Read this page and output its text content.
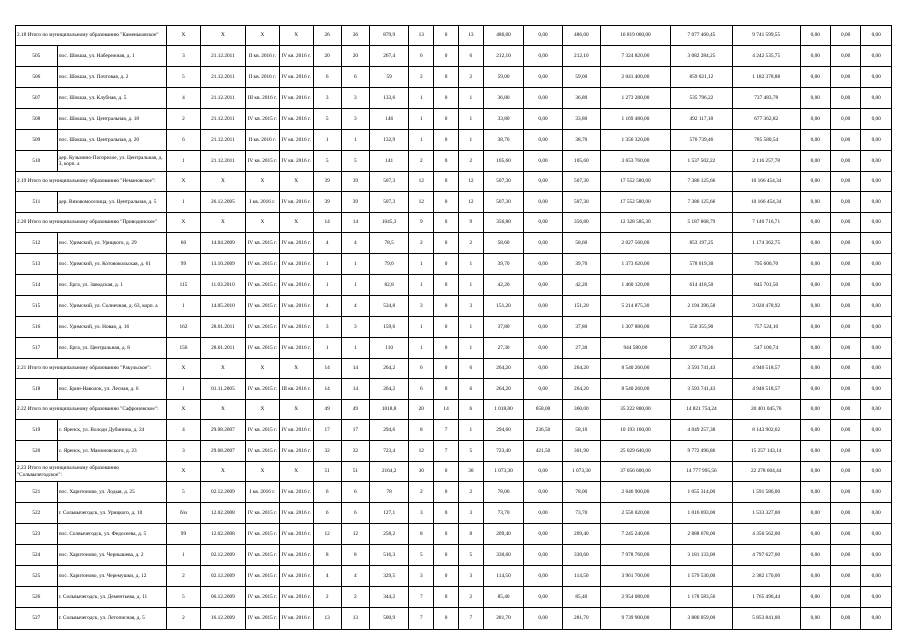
2.18 Итого по муниципальному образованию "Каменьковское"		X	X	X	X	26	36	879,9	13	0	13	486,00	0,00	486,00	16 819 060,00	7 077 460,45	9 741 599,55	0,00	0,00	0,00
505	пос. Шокша, ул. Набережная, д. 1	3	21.12.2011	II кв. 2016 г.	IV кв. 2016 г.	20	20	267,4	6	0	6	212,10	0,00	212,10	7 324 820,00	3 082 284,25	4 242 535,75	0,00	0,00	0,00
506	пос. Шокша, ул. Почтовая, д. 2	5	21.12.2011	II кв. 2016 г.	IV кв. 2016 г.	6	6	59	2	0	2	59,00	0,00	59,00	2 041 400,00	859 021,12	1 182 378,88	0,00	0,00	0,00
507	пос. Шокша, ул. Клубная, д. 5	4	21.12.2011	III кв. 2016 г.	IV кв. 2016 г.	3	3	133,6	1	0	1	36,80	0,00	36,80	1 273 280,00	535 796,22	737 483,78	0,00	0,00	0,00
508	пос. Шокша, ул. Центральная, д. 18	2	21.12.2011	IV кв. 2015 г.	IV кв. 2016 г.	5	3	146	1	0	1	33,80	0,00	33,80	1 169 480,00	492 117,18	677 362,82	0,00	0,00	0,00
509	пос. Шокша, ул. Центральная, д. 20	6	21.12.2011	II кв. 2016 г.	IV кв. 2016 г.	1	1	132,9	1	0	1	38,70	0,00	38,70	1 356 320,00	570 739,46	785 580,54	0,00	0,00	0,00
510	дер. Кузьмино-Погорелое, ул. Центральная, д. 3, корп. а	1	21.12.2011	IV кв. 2015 г.	IV кв. 2016 г.	5	5	141	2	0	2	105,60	0,00	105,60	3 653 760,00	1 537 502,22	2 116 257,78	0,00	0,00	0,00
2.19 Итого по муниципальному образованию "Немановское":		X	X	X	X	39	39	507,3	12	0	12	507,30	0,00	507,30	17 552 580,00	7 386 125,66	10 166 454,34	0,00	0,00	0,00
511	дер. Вязовомоселица, ул. Центральная, д. 5	1	26.12.2005	I кв. 2016 г.	IV кв. 2016 г.	39	39	507,3	12	0	12	507,30	0,00	507,30	17 552 580,00	7 386 125,66	10 166 454,34	0,00	0,00	0,00
2.20 Итого по муниципальному образованию "Приводинское"		X	X	X	X	14	14	1045,3	9	0	9	356,80	0,00	356,80	12 328 585,30	5 187 868,79	7 140 716,71	0,00	0,00	0,00
512	пос. Удимский, ул. Урицкого, д. 29	60	14.04.2009	IV кв. 2015 г.	IV кв. 2016 г.	4	4	78,5	2	0	2	58,60	0,00	58,60	2 027 560,00	853 197,25	1 174 362,75	0,00	0,00	0,00
513	пос. Удимский, ул. Котовокольская, д. 61	99	13.10.2009	IV кв. 2015 г.	IV кв. 2016 г.	1	1	79,6	1	0	1	39,70	0,00	39,70	1 373 620,00	578 019,30	795 600,70	0,00	0,00	0,00
514	пос. Ерга, ул. Заводская, д. 1	115	11.03.2010	IV кв. 2015 г.	IV кв. 2016 г.	1	1	82,8	1	0	1	42,20	0,00	42,20	1 460 120,00	614 418,50	845 701,50	0,00	0,00	0,00
515	пос. Удимский, ул. Солнечная, д. 63, корп. а	1	14.05.2010	IV кв. 2015 г.	IV кв. 2016 г.	4	4	534,8	3	0	3	151,20	0,00	151,20	5 214 875,30	2 194 396,58	3 020 478,92	0,00	0,00	0,00
516	пос. Удимский, ул. Новая, д. 16	162	28.01.2011	IV кв. 2015 г.	IV кв. 2016 г.	3	3	159,6	1	0	1	37,80	0,00	37,80	1 307 880,00	550 355,90	757 524,10	0,00	0,00	0,00
517	пос. Ерга, ул. Центральная, д. 8	156	28.01.2011	IV кв. 2015 г.	IV кв. 2016 г.	1	1	110	1	0	1	27,30	0,00	27,30	944 580,00	397 479,26	547 100,74	0,00	0,00	0,00
2.21 Итого по муниципальному образованию "Ракульское":		X	X	X	X	14	14	264,2	6	0	6	264,20	0,00	264,20	8 540 260,00	3 593 741,43	4 946 518,57	0,00	0,00	0,00
518	пос. Брин-Наволок, ул. Лесная, д. 6	1	01.11.2005	IV кв. 2015 г.	III кв. 2016 г.	14	14	264,2	6	0	6	264,20	0,00	264,20	8 540 260,00	3 593 741,43	4 946 518,57	0,00	0,00	0,00
2.22 Итого по муниципальному образованию "Сафроновское":		X	X	X	X	49	49	1018,8	20	14	6	1 018,00	658,00	360,00	35 222 800,00	14 821 754,24	20 401 045,76	0,00	0,00	0,00
519	с. Яренск, ул. Володи Дубинина, д. 24	4	29.08.2007	IV кв. 2015 г.	IV кв. 2016 г.	17	17	294,6	8	7	1	294,60	236,50	58,10	10 193 160,00	4 049 257,38	8 143 902,62	0,00	0,00	0,00
520	с. Яренск, ул. Мамоновского, д. 23	3	29.08.2007	IV кв. 2015 г.	IV кв. 2016 г.	32	32	723,4	12	7	5	723,40	421,50	301,90	25 029 640,00	9 772 496,86	15 257 143,14	0,00	0,00	0,00
2.23 Итого по муниципальному образованию "Сольвычегодское":		X	X	X	X	51	51	2164,2	30	0	30	1 073,30	0,00	1 073,30	37 056 600,00	14 777 995,56	22 278 604,44	0,00	0,00	0,00
521	пос. Харитоново, ул. Лодыя, д. 25	5	02.12.2009	I кв. 2016 г.	IV кв. 2016 г.	6	6	78	2	0	2	78,00	0,00	78,00	2 646 900,00	1 055 314,00	1 591 586,00	0,00	0,00	0,00
522	г. Сольвычегодск, ул. Урицкого, д. 10	б/н	12.02.2008	IV кв. 2015 г.	IV кв. 2016 г.	6	6	127,1	3	0	3	73,70	0,00	73,70	2 550 020,00	1 016 693,00	1 533 327,00	0,00	0,00	0,00
523	пос. Солвычегодск, ул. Федосеева, д. 5	99	12.02.2008	IV кв. 2015 г.	IV кв. 2016 г.	12	12	258,2	8	0	8	209,40	0,00	209,40	7 245 240,00	2 888 678,00	4 356 562,00	0,00	0,00	0,00
524	пос. Харитоново, ул. Чернышева, д. 2	1	02.12.2009	IV кв. 2015 г.	IV кв. 2016 г.	8	8	516,3	5	0	5	330,60	0,00	330,60	7 978 760,00	3 181 133,00	4 797 627,00	0,00	0,00	0,00
525	пос. Харитоново, ул. Черемушки, д. 12	2	02.12.2009	IV кв. 2015 г.	IV кв. 2016 г.	4	4	329,5	3	0	3	114,50	0,00	114,50	3 961 700,00	1 579 530,00	2 382 170,00	0,00	0,00	0,00
526	г. Сольвычегодск, ул. Дементьева, д. 11	5	06.12.2009	IV кв. 2015 г.	IV кв. 2016 г.	2	2	344,2	7	0	2	85,40	0,00	85,40	2 954 080,00	1 178 583,56	1 765 496,44	0,00	0,00	0,00
527	г. Сольвычегодск, ул. Летописная, д. 5	2	16.12.2009	IV кв. 2015 г.	IV кв. 2016 г.	13	13	500,9	7	0	7	281,70	0,00	281,70	9 739 900,00	3 886 059,00	5 853 841,00	0,00	0,00	0,00
